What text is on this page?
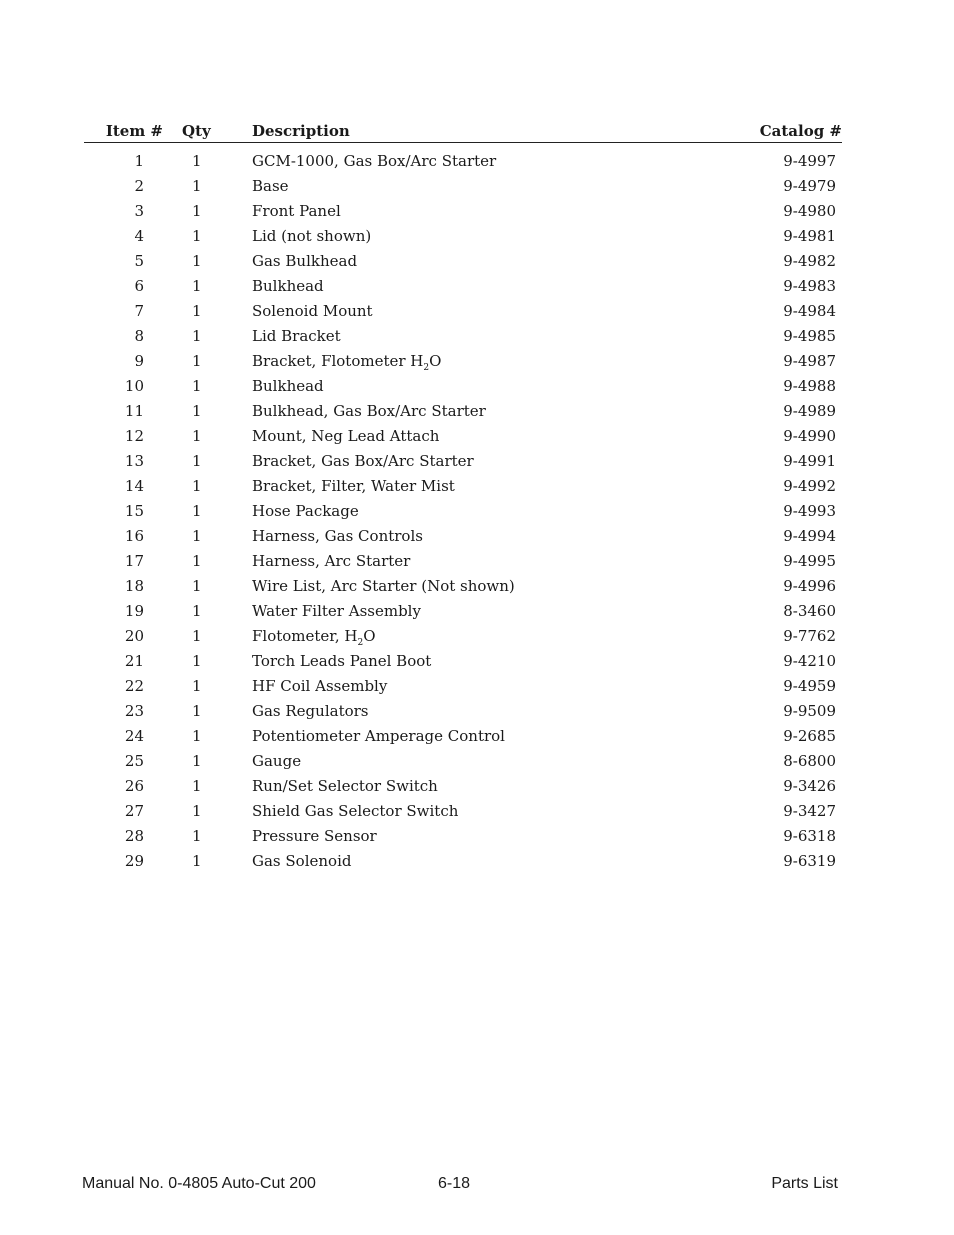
Item # Qty	Description	Catalog #
1	1	GCM-1000, Gas Box/Arc Starter	9-4997
2	1	Base	9-4979
3	1	Front Panel	9-4980
4	1	Lid (not shown)	9-4981
5	1	Gas Bulkhead	9-4982
6	1	Bulkhead	9-4983
7	1	Solenoid Mount	9-4984
8	1	Lid Bracket	9-4985
9	1	Bracket, Flotometer $H_2O$	9-4987
10	1	Bulkhead	9-4988
11	1	Bulkhead, Gas Box/Arc Starter	9-4989
12	1	Mount, Neg Lead Attach	9-4990
13	1	Bracket, Gas Box/Arc Starter	9-4991
14	1	Bracket, Filter, Water Mist	9-4992
15	1	Hose Package	9-4993
16	1	Harness, Gas Controls	9-4994
17	1	Harness, Arc Starter	9-4995
18	1	Wire List, Arc Starter (Not shown)	9-4996
19	1	Water Filter Assembly	8-3460
20	1	Flotometer, $H_2O$	9-7762
21	1	Torch Leads Panel Boot	9-4210
22	1	HF Coil Assembly	9-4959
23	1	Gas Regulators	9-9509
24	1	Potentiometer Amperage Control	9-2685
25	1	Gauge	8-6800
26	1	Run/Set Selector Switch	9-3426
27	1	Shield Gas Selector Switch	9-3427
28	1	Pressure Sensor	9-6318
29	1	Gas Solenoid	9-6319
Manual No. 0-4805 Auto-Cut 200	6-18	Parts List
